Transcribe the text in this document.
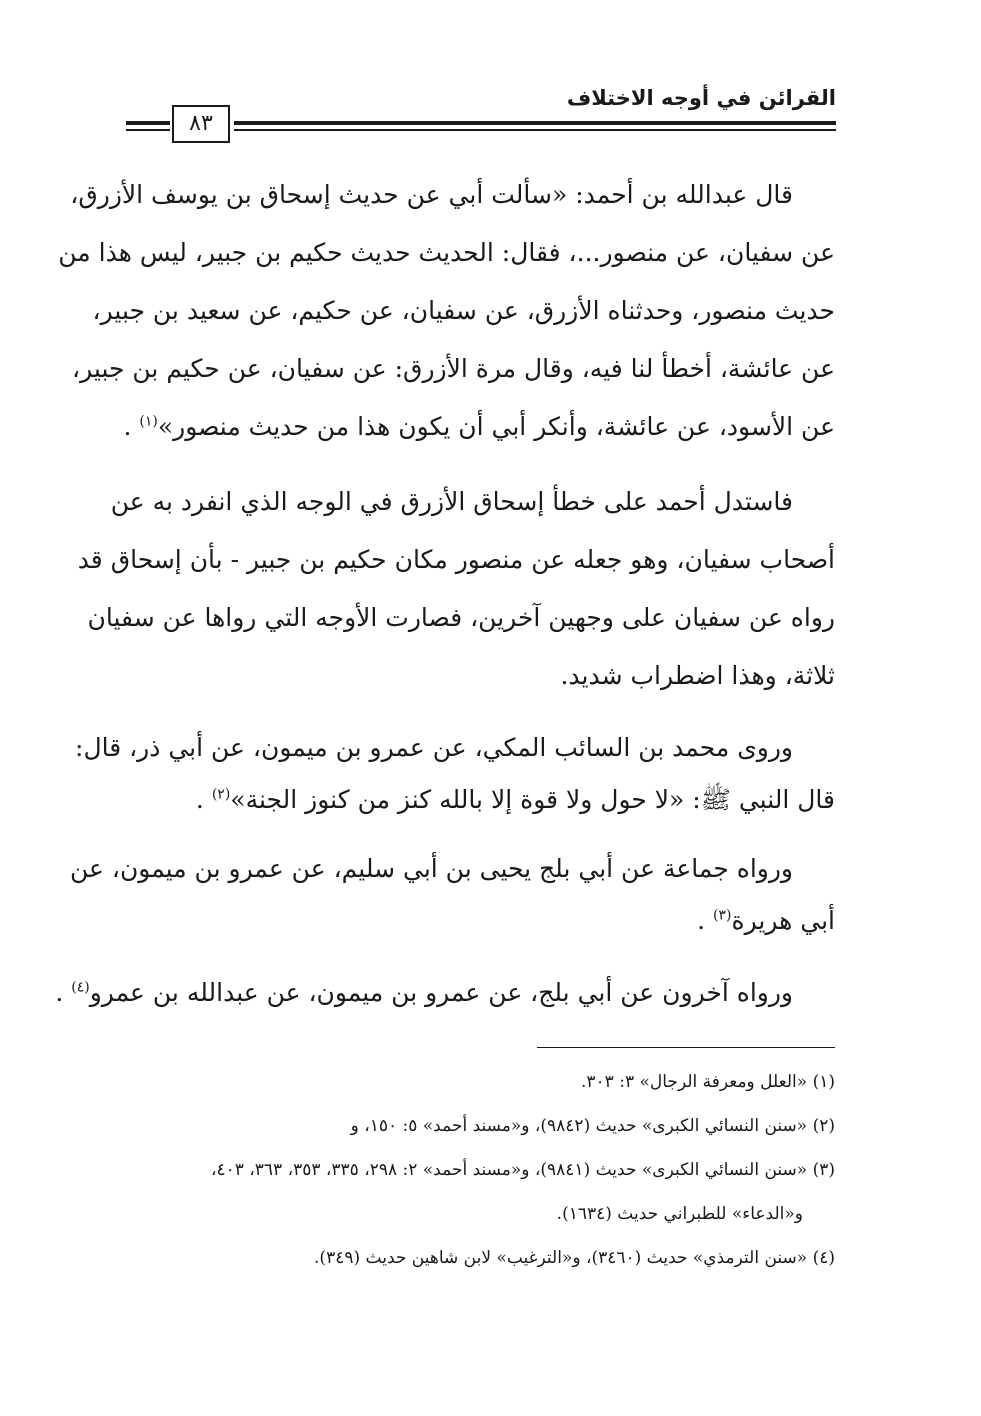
القرائن في أوجه الاختلاف
٨٣

قال عبدالله بن أحمد: «سألت أبي عن حديث إسحاق بن يوسف الأزرق،
عن سفيان، عن منصور...، فقال: الحديث حديث حكيم بن جبير، ليس هذا من
حديث منصور، وحدثناه الأزرق، عن سفيان، عن حكيم، عن سعيد بن جبير،
عن عائشة، أخطأ لنا فيه، وقال مرة الأزرق: عن سفيان، عن حكيم بن جبير،
عن الأسود، عن عائشة، وأنكر أبي أن يكون هذا من حديث منصور»$^{(١)}$ .

فاستدل أحمد على خطأ إسحاق الأزرق في الوجه الذي انفرد به عن
أصحاب سفيان، وهو جعله عن منصور مكان حكيم بن جبير - بأن إسحاق قد
رواه عن سفيان على وجهين آخرين، فصارت الأوجه التي رواها عن سفيان
ثلاثة، وهذا اضطراب شديد.

وروى محمد بن السائب المكي، عن عمرو بن ميمون، عن أبي ذر، قال:
قال النبي ﷺ: «لا حول ولا قوة إلا بالله كنز من كنوز الجنة»$^{(٢)}$ .

ورواه جماعة عن أبي بلج يحيى بن أبي سليم، عن عمرو بن ميمون، عن
أبي هريرة$^{(٣)}$ .

ورواه آخرون عن أبي بلج، عن عمرو بن ميمون، عن عبدالله بن عمرو$^{(٤)}$ .

(١) «العلل ومعرفة الرجال» ٣: ٣٠٣.

(٢) «سنن النسائي الكبرى» حديث (٩٨٤٢)، و«مسند أحمد» ٥: ١٥٠، و

(٣) «سنن النسائي الكبرى» حديث (٩٨٤١)، و«مسند أحمد» ٢: ٢٩٨، ٣٣٥، ٣٥٣، ٣٦٣، ٤٠٣،

و«الدعاء» للطبراني حديث (١٦٣٤).

(٤) «سنن الترمذي» حديث (٣٤٦٠)، و«الترغيب» لابن شاهين حديث (٣٤٩).
